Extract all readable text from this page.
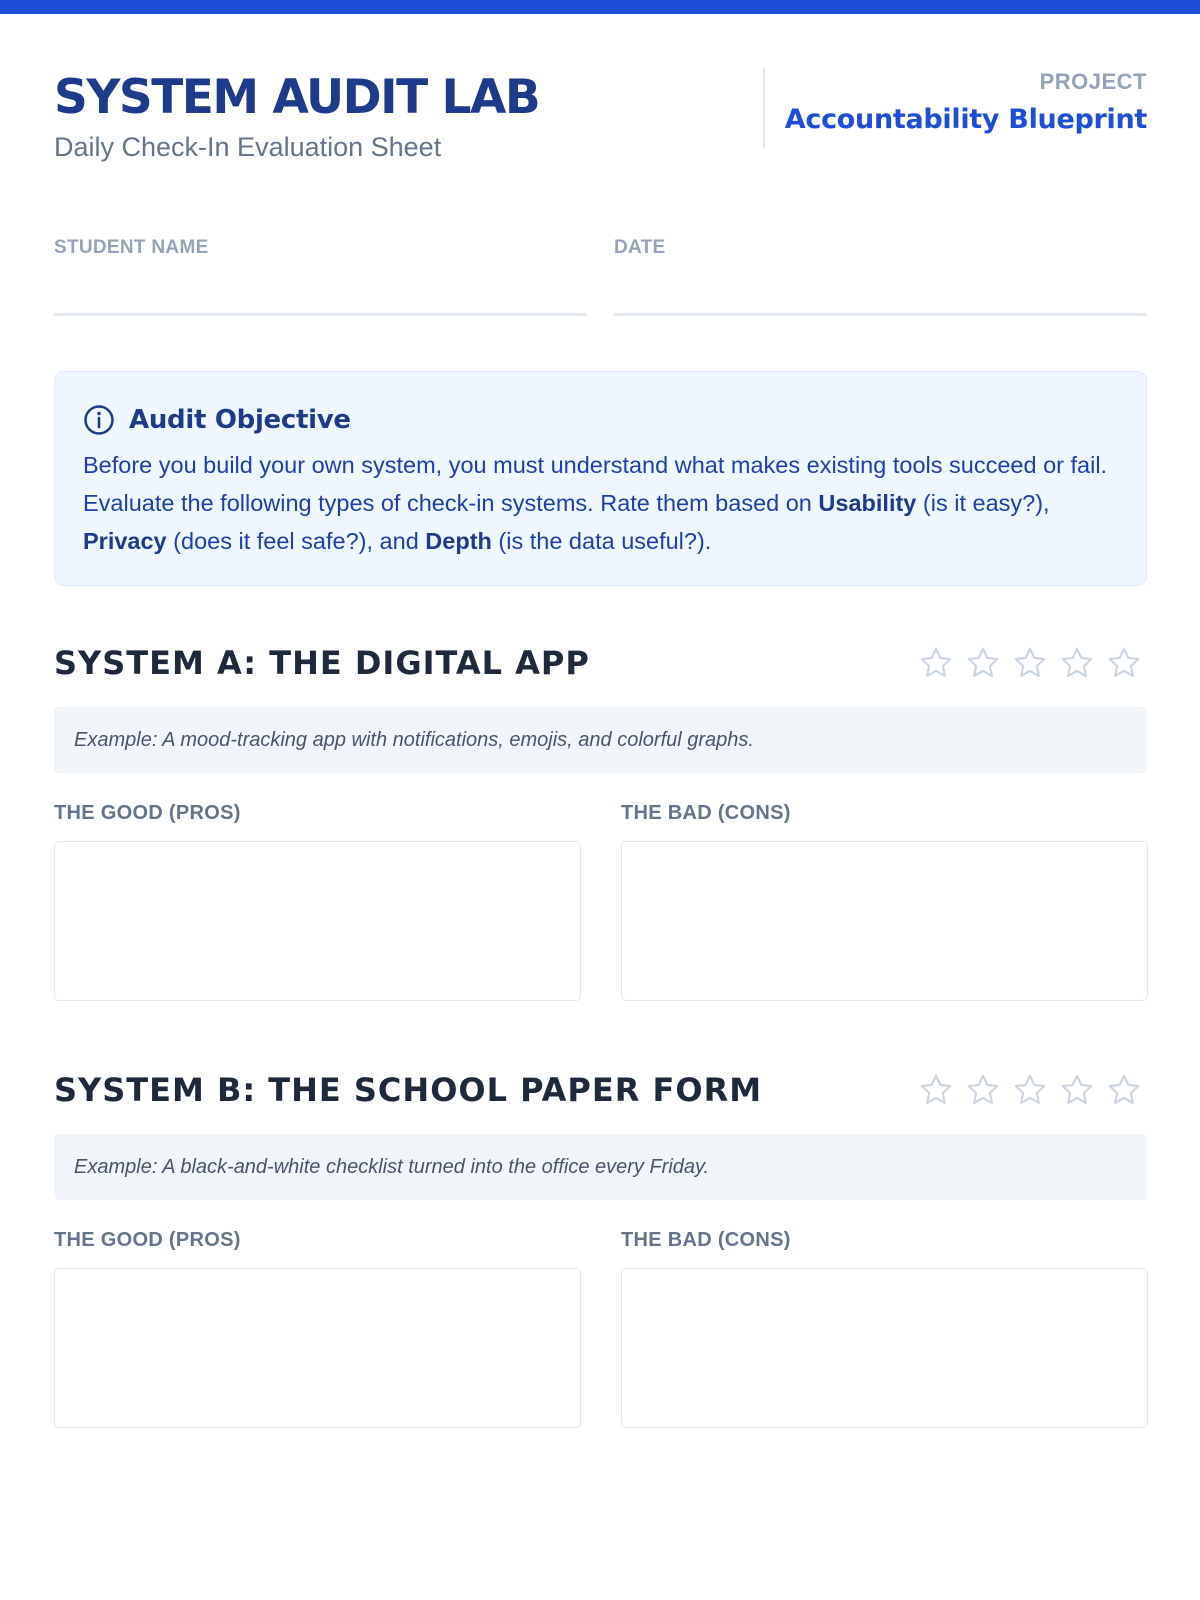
SYSTEM AUDIT LAB
Daily Check-In Evaluation Sheet
PROJECT
Accountability Blueprint
STUDENT NAME	DATE
Audit Objective
Before you build your own system, you must understand what makes existing tools succeed or fail. Evaluate the following types of check-in systems. Rate them based on Usability (is it easy?), Privacy (does it feel safe?), and Depth (is the data useful?).
SYSTEM A: THE DIGITAL APP
Example: A mood-tracking app with notifications, emojis, and colorful graphs.
THE GOOD (PROS)	THE BAD (CONS)
SYSTEM B: THE SCHOOL PAPER FORM
Example: A black-and-white checklist turned into the office every Friday.
THE GOOD (PROS)	THE BAD (CONS)
